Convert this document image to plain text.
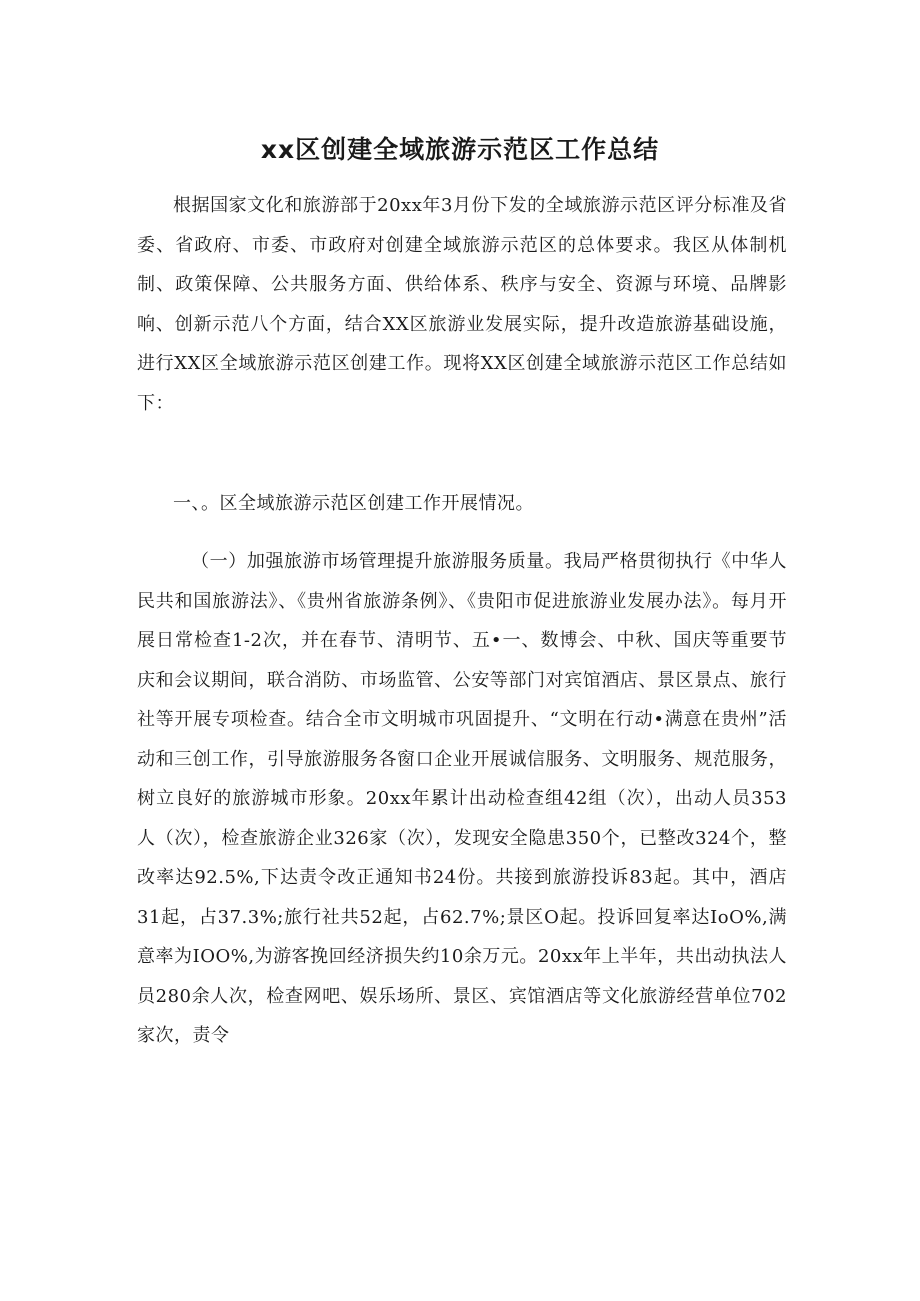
xx区创建全域旅游示范区工作总结

根据国家文化和旅游部于20xx年3月份下发的全域旅游示范区评分标准及省委、省政府、市委、市政府对创建全域旅游示范区的总体要求。我区从体制机制、政策保障、公共服务方面、供给体系、秩序与安全、资源与环境、品牌影响、创新示范八个方面，结合XX区旅游业发展实际，提升改造旅游基础设施，进行XX区全域旅游示范区创建工作。现将XX区创建全域旅游示范区工作总结如下：

一、。区全域旅游示范区创建工作开展情况。

（一）加强旅游市场管理提升旅游服务质量。我局严格贯彻执行《中华人民共和国旅游法》、《贵州省旅游条例》、《贵阳市促进旅游业发展办法》。每月开展日常检查1-2次，并在春节、清明节、五•一、数博会、中秋、国庆等重要节庆和会议期间，联合消防、市场监管、公安等部门对宾馆酒店、景区景点、旅行社等开展专项检查。结合全市文明城市巩固提升、“文明在行动•满意在贵州”活动和三创工作，引导旅游服务各窗口企业开展诚信服务、文明服务、规范服务，树立良好的旅游城市形象。20xx年累计出动检查组42组（次），出动人员353人（次），检查旅游企业326家（次），发现安全隐患350个，已整改324个，整改率达92.5%,下达责令改正通知书24份。共接到旅游投诉83起。其中，酒店31起，占37.3%;旅行社共52起，占62.7%;景区O起。投诉回复率达IoO%,满意率为IOO%,为游客挽回经济损失约10余万元。20xx年上半年，共出动执法人员280余人次，检查网吧、娱乐场所、景区、宾馆酒店等文化旅游经营单位702家次，责令
